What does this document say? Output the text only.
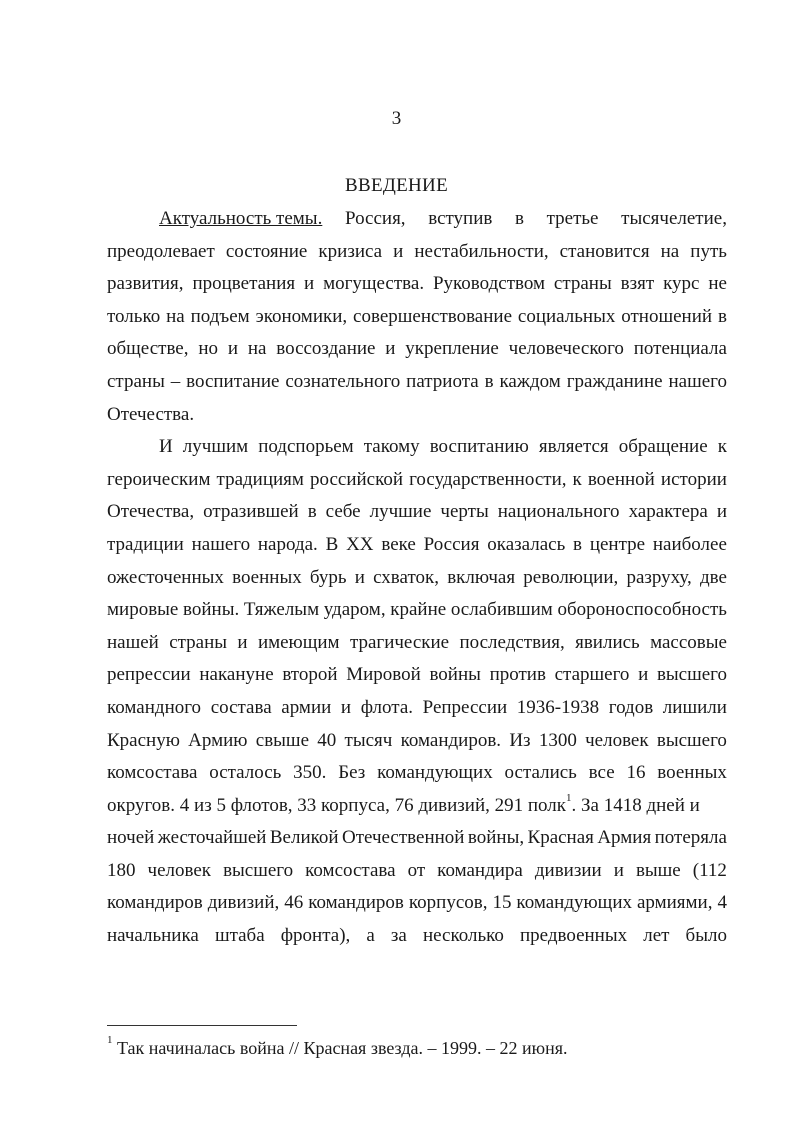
3
ВВЕДЕНИЕ
Актуальность темы. Россия, вступив в третье тысячелетие,
преодолевает состояние кризиса и нестабильности, становится на путь
развития, процветания и могущества. Руководством страны взят курс не
только на подъем экономики, совершенствование социальных отношений в
обществе, но и на воссоздание и укрепление человеческого потенциала
страны – воспитание сознательного патриота в каждом гражданине нашего
Отечества.
И лучшим подспорьем такому воспитанию является обращение к
героическим традициям российской государственности, к военной истории
Отечества, отразившей в себе лучшие черты национального характера и
традиции нашего народа. В XX веке Россия оказалась в центре наиболее
ожесточенных военных бурь и схваток, включая революции, разруху, две
мировые войны. Тяжелым ударом, крайне ослабившим обороноспособность
нашей страны и имеющим трагические последствия, явились массовые
репрессии накануне второй Мировой войны против старшего и высшего
командного состава армии и флота. Репрессии 1936-1938 годов лишили
Красную Армию свыше 40 тысяч командиров. Из 1300 человек высшего
комсостава осталось 350. Без командующих остались все 16 военных
округов. 4 из 5 флотов, 33 корпуса, 76 дивизий, 291 полк$^1$. За 1418 дней и
ночей жесточайшей Великой Отечественной войны, Красная Армия потеряла
180 человек высшего комсостава от командира дивизии и выше (112
командиров дивизий, 46 командиров корпусов, 15 командующих армиями, 4
начальника штаба фронта), а за несколько предвоенных лет было
$^1$ Так начиналась война // Красная звезда. – 1999. – 22 июня.
